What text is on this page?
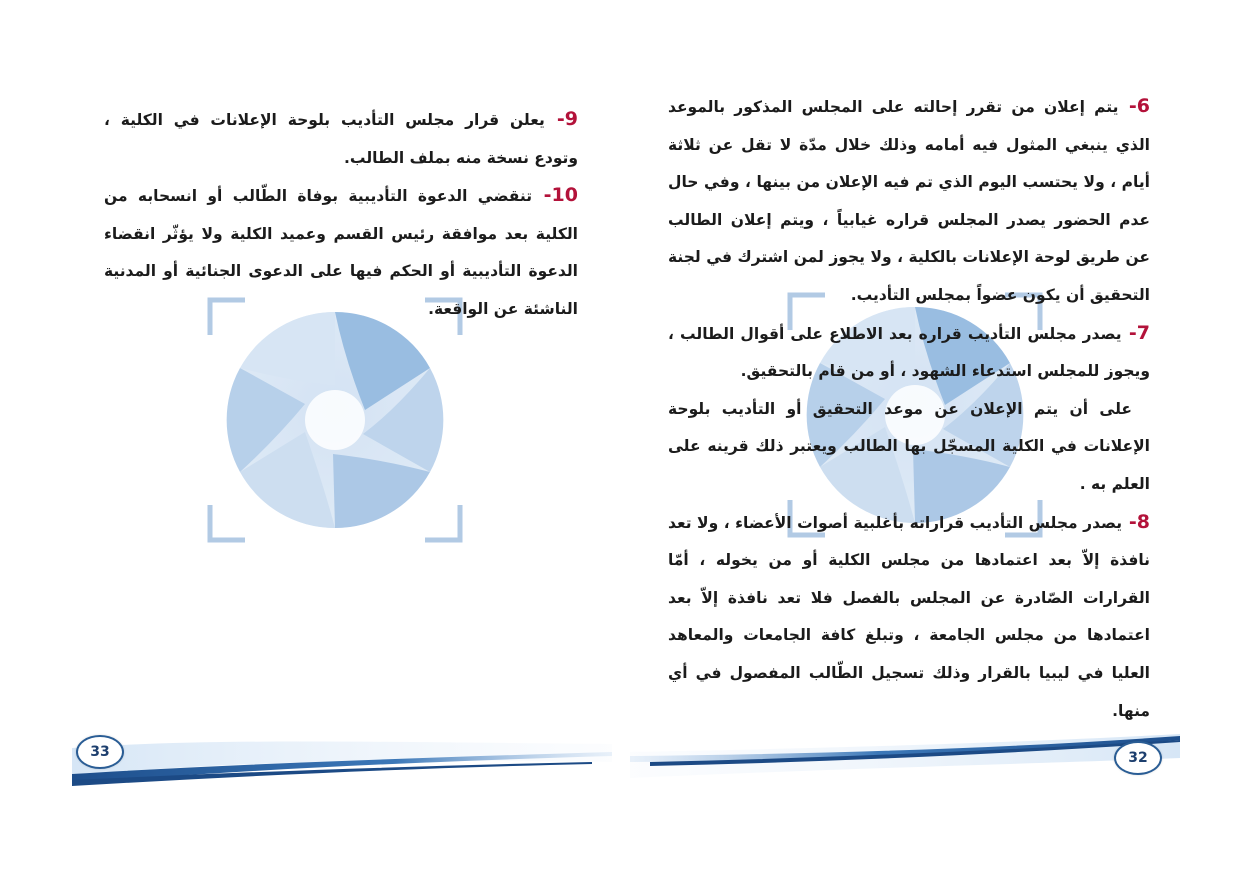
9 - يعلن قرار مجلس التأديب بلوحة الإعلانات في الكلية ، وتودع نسخة منه بملف الطالب.

10 - تنقضي الدعوة التأديبية بوفاة الطّالب أو انسحابه من الكلية بعد موافقة رئيس القسم وعميد الكلية ولا يؤثّر انقضاء الدعوة التأديبية أو الحكم فيها على الدعوى الجنائية أو المدنية الناشئة عن الواقعة.

33

6 - يتم إعلان من تقرر إحالته على المجلس المذكور بالموعد الذي ينبغي المثول فيه أمامه وذلك خلال مدّة لا تقل عن ثلاثة أيام ، ولا يحتسب اليوم الذي تم فيه الإعلان من بينها ، وفي حال عدم الحضور يصدر المجلس قراره غيابياً ، ويتم إعلان الطالب عن طريق لوحة الإعلانات بالكلية ، ولا يجوز لمن اشترك في لجنة التحقيق أن يكون عضواً بمجلس التأديب.

7 - يصدر مجلس التأديب قراره بعد الاطلاع على أقوال الطالب ، ويجوز للمجلس استدعاء الشهود ، أو من قام بالتحقيق.

على أن يتم الإعلان عن موعد التحقيق أو التأديب بلوحة الإعلانات في الكلية المسجّل بها الطالب ويعتبر ذلك قرينه على العلم به .

8 - يصدر مجلس التأديب قراراته بأغلبية أصوات الأعضاء ، ولا تعد نافذة إلاّ بعد اعتمادها من مجلس الكلية أو من يخوله ، أمّا القرارات الصّادرة عن المجلس بالفصل فلا تعد نافذة إلاّ بعد اعتمادها من مجلس الجامعة ، وتبلغ كافة الجامعات والمعاهد العليا في ليبيا بالقرار وذلك تسجيل الطّالب المفصول في أي منها.

32
